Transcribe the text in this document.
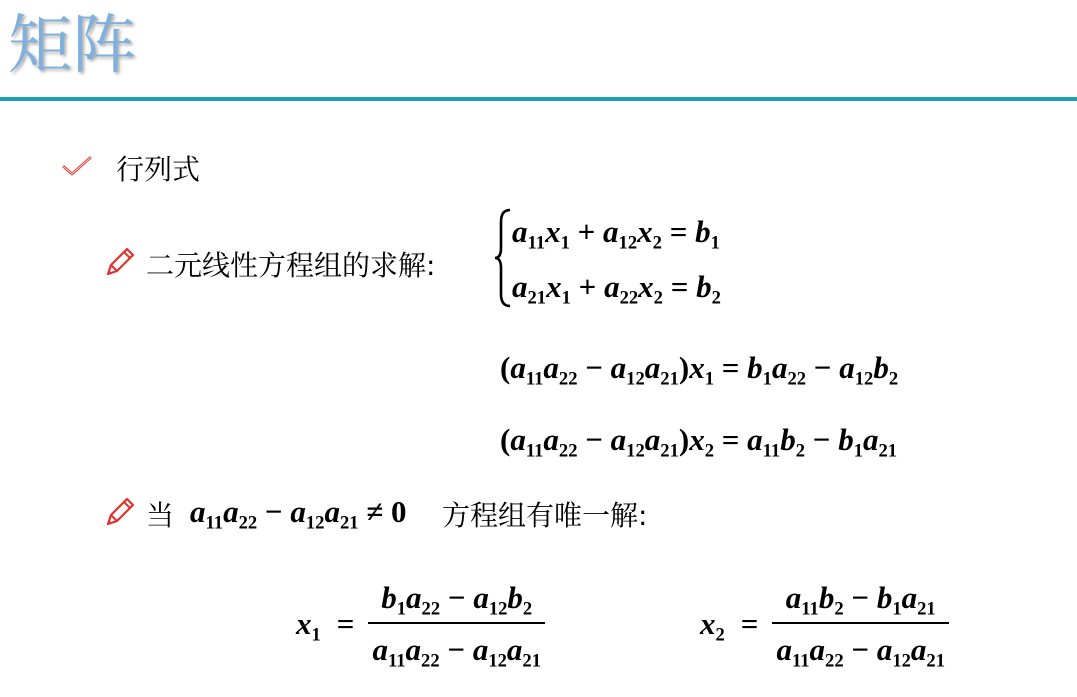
矩阵
行列式
二元线性方程组的求解:
$a_{11}x_1 + a_{12}x_2 = b_1$
$a_{21}x_1 + a_{22}x_2 = b_2$
$(a_{11}a_{22} - a_{12}a_{21})x_1 = b_1a_{22} - a_{12}b_2$
$(a_{11}a_{22} - a_{12}a_{21})x_2 = a_{11}b_2 - b_1a_{21}$
当 $a_{11}a_{22} - a_{12}a_{21} \ne 0$ 方程组有唯一解:
$x_1 = \frac{b_1a_{22} - a_{12}b_2}{a_{11}a_{22} - a_{12}a_{21}}$	$x_2 = \frac{a_{11}b_2 - b_1a_{21}}{a_{11}a_{22} - a_{12}a_{21}}$
